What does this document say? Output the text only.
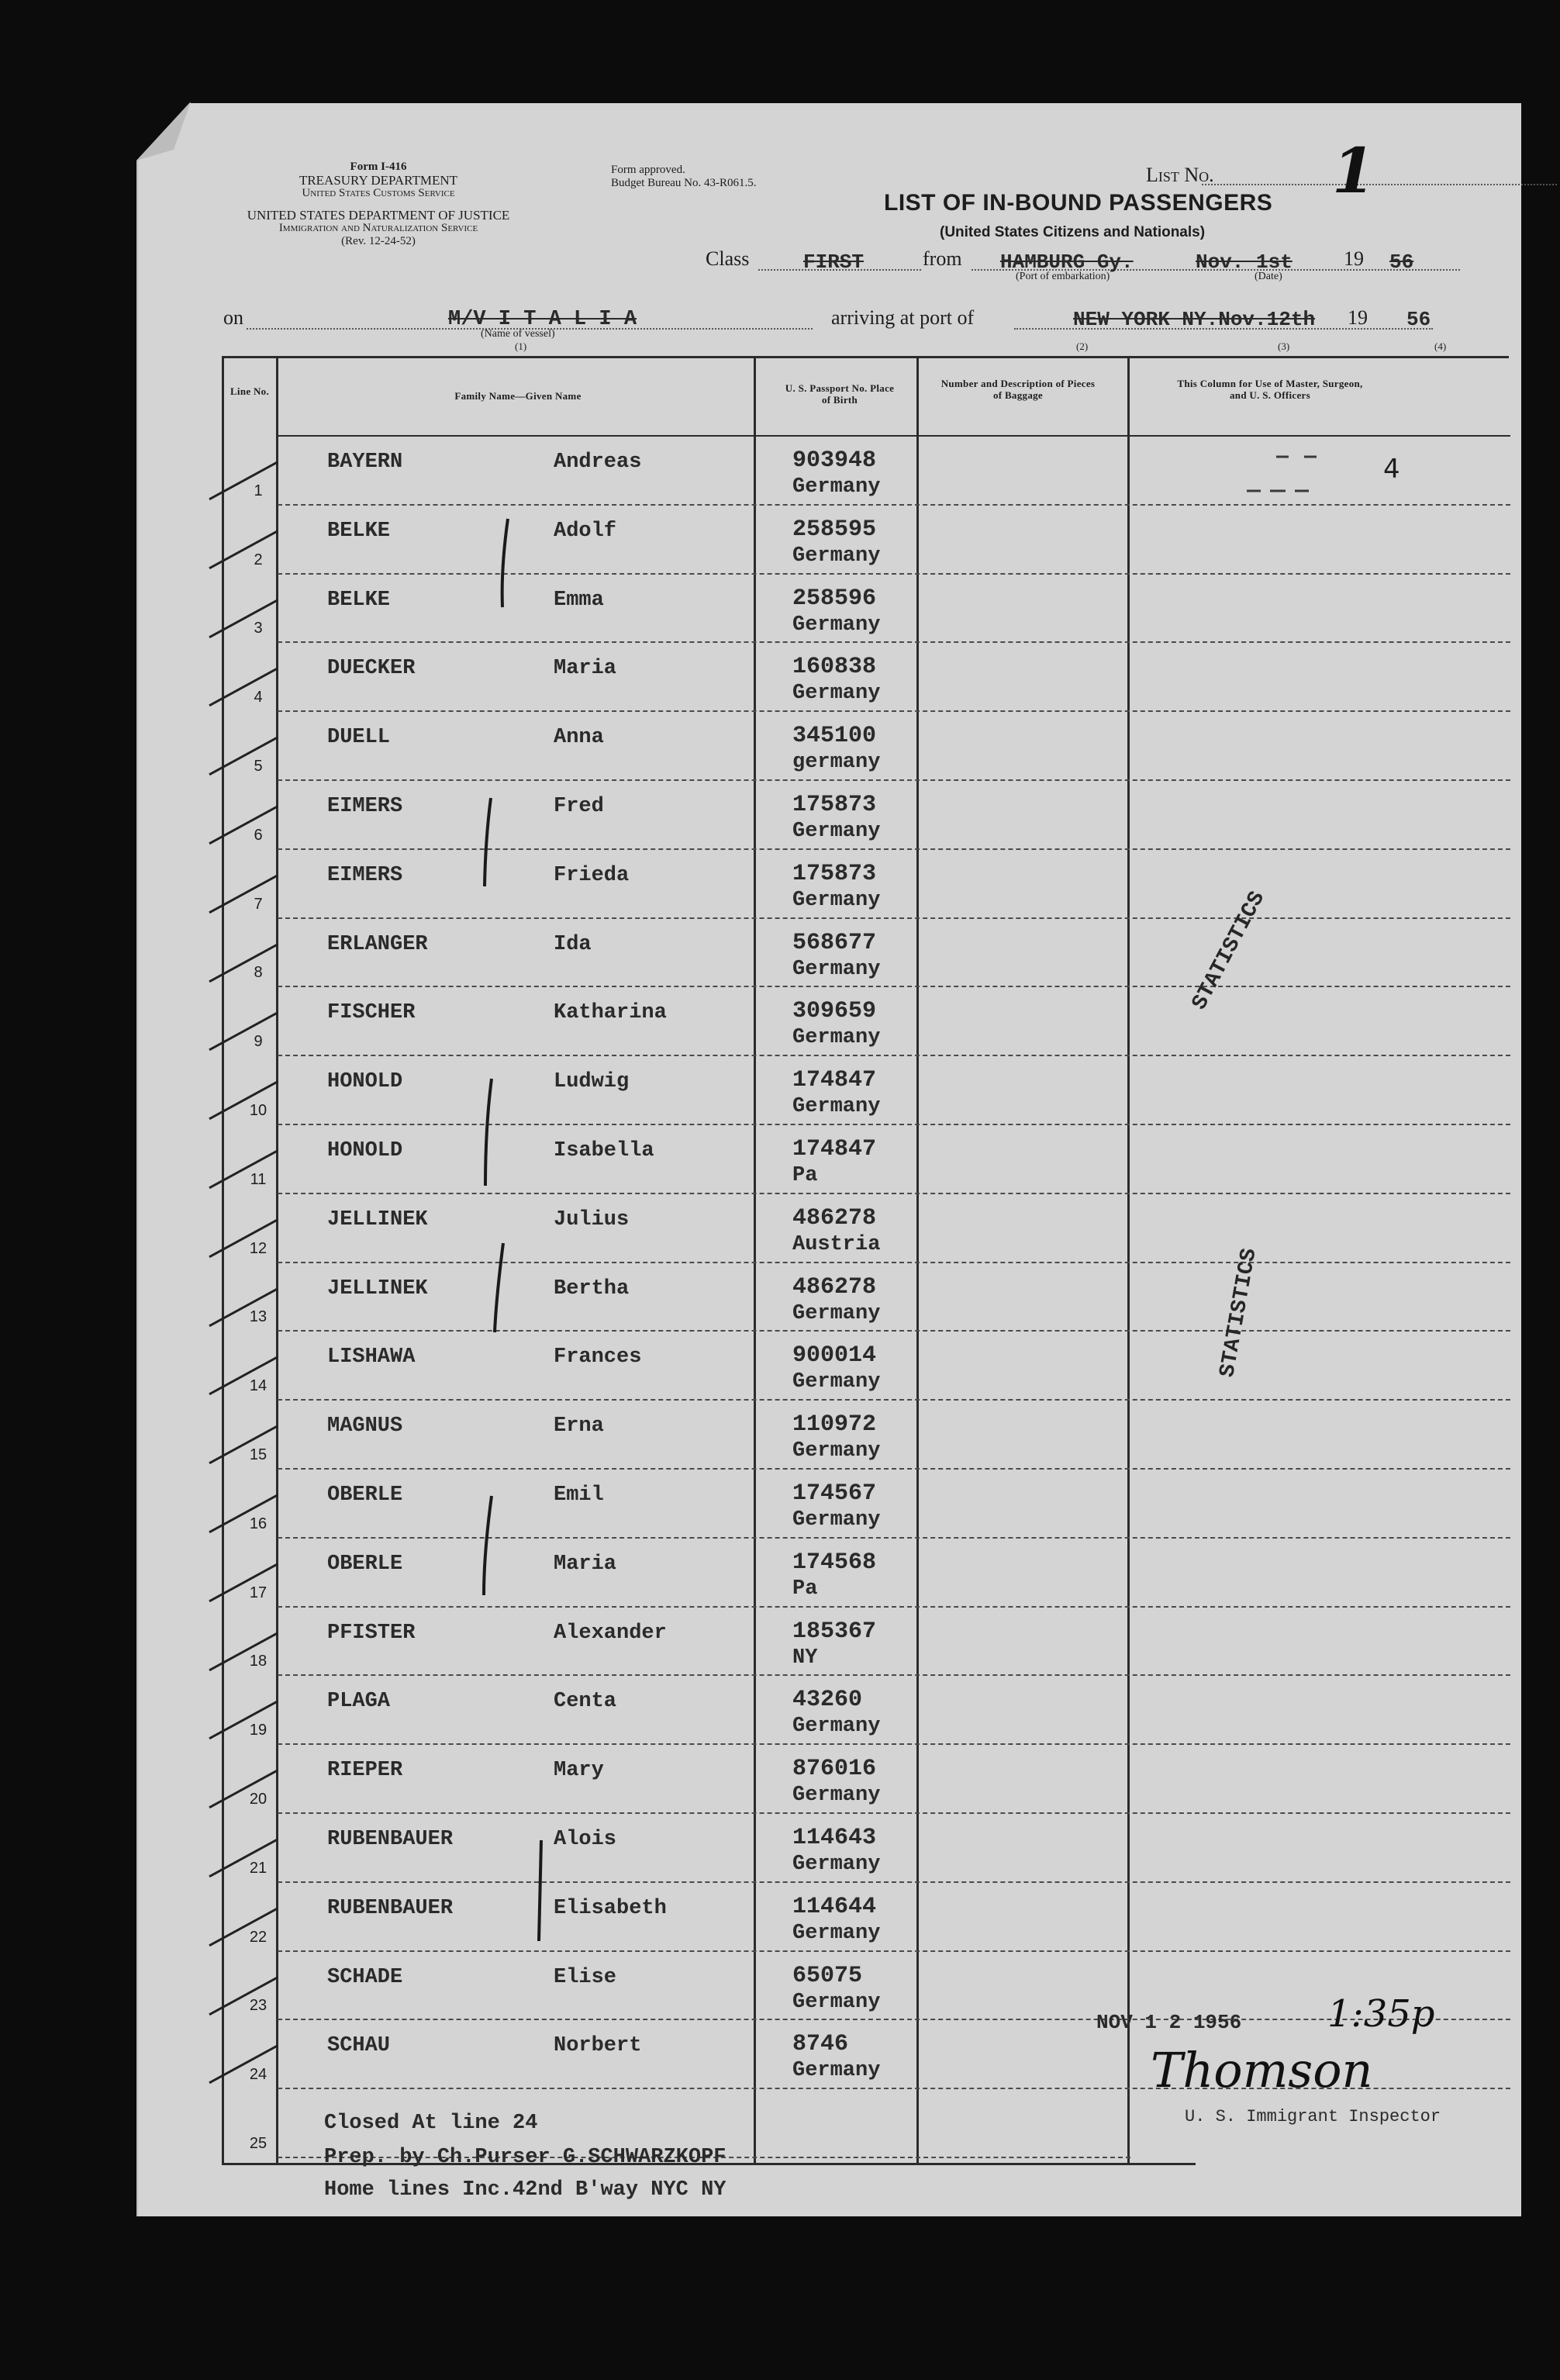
Form I-416
TREASURY DEPARTMENT
United States Customs Service
UNITED STATES DEPARTMENT OF JUSTICE
Immigration and Naturalization Service
(Rev. 12-24-52)
Form approved.
Budget Bureau No. 43-R061.5.	List No. 1
LIST OF IN-BOUND PASSENGERS
(United States Citizens and Nationals)
Class	FIRST	from HAMBURG Gy.
(Port of embarkation)
Nov. 1st
(Date)
19 56
on	M/V I T A L I A
(Name of vessel)
(1)
arriving at port of	NEW YORK NY.Nov.12th 19 56
(2)	(3)	(4)
Line No.	Family Name—Given Name
U. S. Passport No. Place of Birth
Number and Description of Pieces of Baggage
This Column for Use of Master, Surgeon, and U. S. Officers
1
BAYERN	Andreas	903948
Germany
2
BELKE	Adolf	258595
Germany
3
BELKE	Emma	258596
Germany
4
DUECKER	Maria	160838
Germany
5
DUELL	Anna	345100
germany
6
EIMERS	Fred	175873
Germany
7
EIMERS	Frieda	175873
Germany
8
ERLANGER	Ida	568677
Germany
9
FISCHER	Katharina	309659
Germany
10
HONOLD	Ludwig	174847
Germany
11
HONOLD	Isabella	174847
Pa
12
JELLINEK	Julius	486278
Austria
13
JELLINEK	Bertha	486278
Germany
14
LISHAWA	Frances	900014
Germany
15
MAGNUS	Erna	110972
Germany
16
OBERLE	Emil	174567
Germany
17
OBERLE	Maria	174568
Pa
18
PFISTER	Alexander	185367
NY
19
PLAGA	Centa	43260
Germany
20
RIEPER	Mary	876016
Germany
21
RUBENBAUER	Alois	114643
Germany
22
RUBENBAUER	Elisabeth	114644
Germany
23
SCHADE	Elise	65075
Germany
24
SCHAU	Norbert	8746
Germany
25
4
STATISTICS
STATISTICS
NOV 1 2 1956 1:35p
Thomson
U. S. Immigrant Inspector
Closed At line 24
Prep. by Ch.Purser G.SCHWARZKOPF
Home lines Inc.42nd B'way NYC NY
